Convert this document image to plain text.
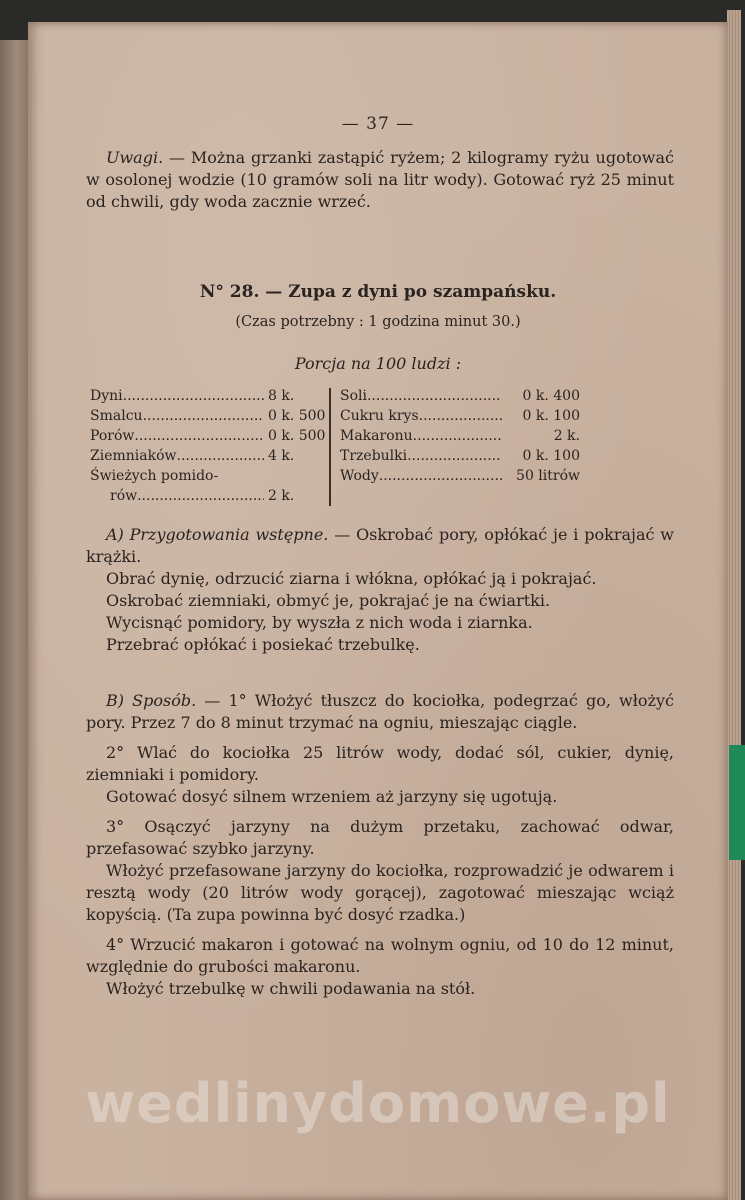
— 37 —

Uwagi. — Można grzanki zastąpić ryżem; 2 kilogramy ryżu ugotować w osolonej wodzie (10 gramów soli na litr wody). Gotować ryż 25 minut od chwili, gdy woda zacznie wrzeć.

N° 28. — Zupa z dyni po szampańsku.
(Czas potrzebny : 1 godzina minut 30.)
Porcja na 100 ludzi :
Dyni .....	8 k.
Smalcu .....	0 k. 500
Porów .....	0 k. 500
Ziemniaków .....	4 k.
Świeżych pomido-
rów .....	2 k.
Soli .....	0 k. 400
Cukru krys .....	0 k. 100
Makaronu .....	2 k.
Trzebulki .....	0 k. 100
Wody .....	50 litrów

A) Przygotowania wstępne. — Oskrobać pory, opłókać je i pokrajać w krążki.

Obrać dynię, odrzucić ziarna i włókna, opłókać ją i pokrajać.

Oskrobać ziemniaki, obmyć je, pokrajać je na ćwiartki.

Wycisnąć pomidory, by wyszła z nich woda i ziarnka.

Przebrać opłókać i posiekać trzebulkę.

B) Sposób. — 1° Włożyć tłuszcz do kociołka, podegrzać go, włożyć pory. Przez 7 do 8 minut trzymać na ogniu, mieszając ciągle.

2° Wlać do kociołka 25 litrów wody, dodać sól, cukier, dynię, ziemniaki i pomidory.

Gotować dosyć silnem wrzeniem aż jarzyny się ugotują.

3° Osączyć jarzyny na dużym przetaku, zachować odwar, przefasować szybko jarzyny.

Włożyć przefasowane jarzyny do kociołka, rozprowadzić je odwarem i resztą wody (20 litrów wody gorącej), zagotować mieszając wciąż kopyścią. (Ta zupa powinna być dosyć rzadka.)

4° Wrzucić makaron i gotować na wolnym ogniu, od 10 do 12 minut, względnie do grubości makaronu.

Włożyć trzebulkę w chwili podawania na stół.

wedlinydomowe.pl
